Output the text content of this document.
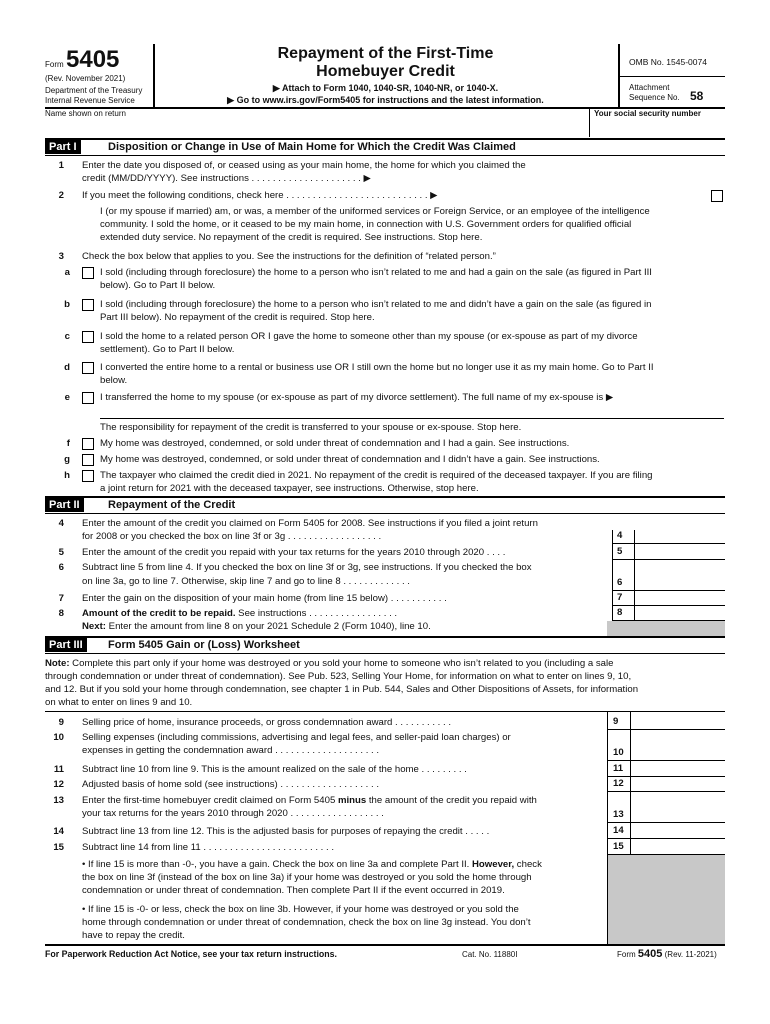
Form 5405
(Rev. November 2021)
Department of the Treasury
Internal Revenue Service
Repayment of the First-Time
Homebuyer Credit
▶ Attach to Form 1040, 1040-SR, 1040-NR, or 1040-X.
▶ Go to www.irs.gov/Form5405 for instructions and the latest information.
OMB No. 1545-0074
Attachment
Sequence No. 58
Name shown on return	Your social security number
Part I	Disposition or Change in Use of Main Home for Which the Credit Was Claimed
1 Enter the date you disposed of, or ceased using as your main home, the home for which you claimed the
credit (MM/DD/YYYY). See instructions . . . . . . . . . . . . . . . . . . . . . ▶
2 If you meet the following conditions, check here . . . . . . . . . . . . . . . . . . . . . . . . . . . ▶
I (or my spouse if married) am, or was, a member of the uniformed services or Foreign Service, or an employee of the intelligence
community. I sold the home, or it ceased to be my main home, in connection with U.S. Government orders for qualified official
extended duty service. No repayment of the credit is required. See instructions. Stop here.
3 Check the box below that applies to you. See the instructions for the definition of “related person.”
a	I sold (including through foreclosure) the home to a person who isn’t related to me and had a gain on the sale (as figured in Part III
below). Go to Part II below.
b	I sold (including through foreclosure) the home to a person who isn’t related to me and didn’t have a gain on the sale (as figured in
Part III below). No repayment of the credit is required. Stop here.
c	I sold the home to a related person OR I gave the home to someone other than my spouse (or ex-spouse as part of my divorce
settlement). Go to Part II below.
d	I converted the entire home to a rental or business use OR I still own the home but no longer use it as my main home. Go to Part II
below.
e	I transferred the home to my spouse (or ex-spouse as part of my divorce settlement). The full name of my ex-spouse is ▶
The responsibility for repayment of the credit is transferred to your spouse or ex-spouse. Stop here.
f	My home was destroyed, condemned, or sold under threat of condemnation and I had a gain. See instructions.
g	My home was destroyed, condemned, or sold under threat of condemnation and I didn’t have a gain. See instructions.
h	The taxpayer who claimed the credit died in 2021. No repayment of the credit is required of the deceased taxpayer. If you are filing
a joint return for 2021 with the deceased taxpayer, see instructions. Otherwise, stop here.
Part II	Repayment of the Credit
4 Enter the amount of the credit you claimed on Form 5405 for 2008. See instructions if you filed a joint return
for 2008 or you checked the box on line 3f or 3g . . . . . . . . . . . . . . . . . .	4
5 Enter the amount of the credit you repaid with your tax returns for the years 2010 through 2020 . . . .	5
6 Subtract line 5 from line 4. If you checked the box on line 3f or 3g, see instructions. If you checked the box
on line 3a, go to line 7. Otherwise, skip line 7 and go to line 8 . . . . . . . . . . . . .	6
7 Enter the gain on the disposition of your main home (from line 15 below) . . . . . . . . . . .	7
8 Amount of the credit to be repaid. See instructions . . . . . . . . . . . . . . . . .	8
Next: Enter the amount from line 8 on your 2021 Schedule 2 (Form 1040), line 10.
Part III	Form 5405 Gain or (Loss) Worksheet
Note: Complete this part only if your home was destroyed or you sold your home to someone who isn’t related to you (including a sale
through condemnation or under threat of condemnation). See Pub. 523, Selling Your Home, for information on what to enter on lines 9, 10,
and 12. But if you sold your home through condemnation, see chapter 1 in Pub. 544, Sales and Other Dispositions of Assets, for information
on what to enter on lines 9 and 10.
9 Selling price of home, insurance proceeds, or gross condemnation award . . . . . . . . . . .	9
10 Selling expenses (including commissions, advertising and legal fees, and seller-paid loan charges) or
expenses in getting the condemnation award . . . . . . . . . . . . . . . . . . . .	10
11 Subtract line 10 from line 9. This is the amount realized on the sale of the home . . . . . . . . .	11
12 Adjusted basis of home sold (see instructions) . . . . . . . . . . . . . . . . . . .	12
13 Enter the first-time homebuyer credit claimed on Form 5405 minus the amount of the credit you repaid with
your tax returns for the years 2010 through 2020 . . . . . . . . . . . . . . . . . .	13
14 Subtract line 13 from line 12. This is the adjusted basis for purposes of repaying the credit . . . . .	14
15 Subtract line 14 from line 11 . . . . . . . . . . . . . . . . . . . . . . . . .	15
• If line 15 is more than -0-, you have a gain. Check the box on line 3a and complete Part II. However, check
the box on line 3f (instead of the box on line 3a) if your home was destroyed or you sold the home through
condemnation or under threat of condemnation. Then complete Part II if the event occurred in 2019.
• If line 15 is -0- or less, check the box on line 3b. However, if your home was destroyed or you sold the
home through condemnation or under threat of condemnation, check the box on line 3g instead. You don’t
have to repay the credit.
For Paperwork Reduction Act Notice, see your tax return instructions.	Cat. No. 11880I	Form 5405 (Rev. 11-2021)
